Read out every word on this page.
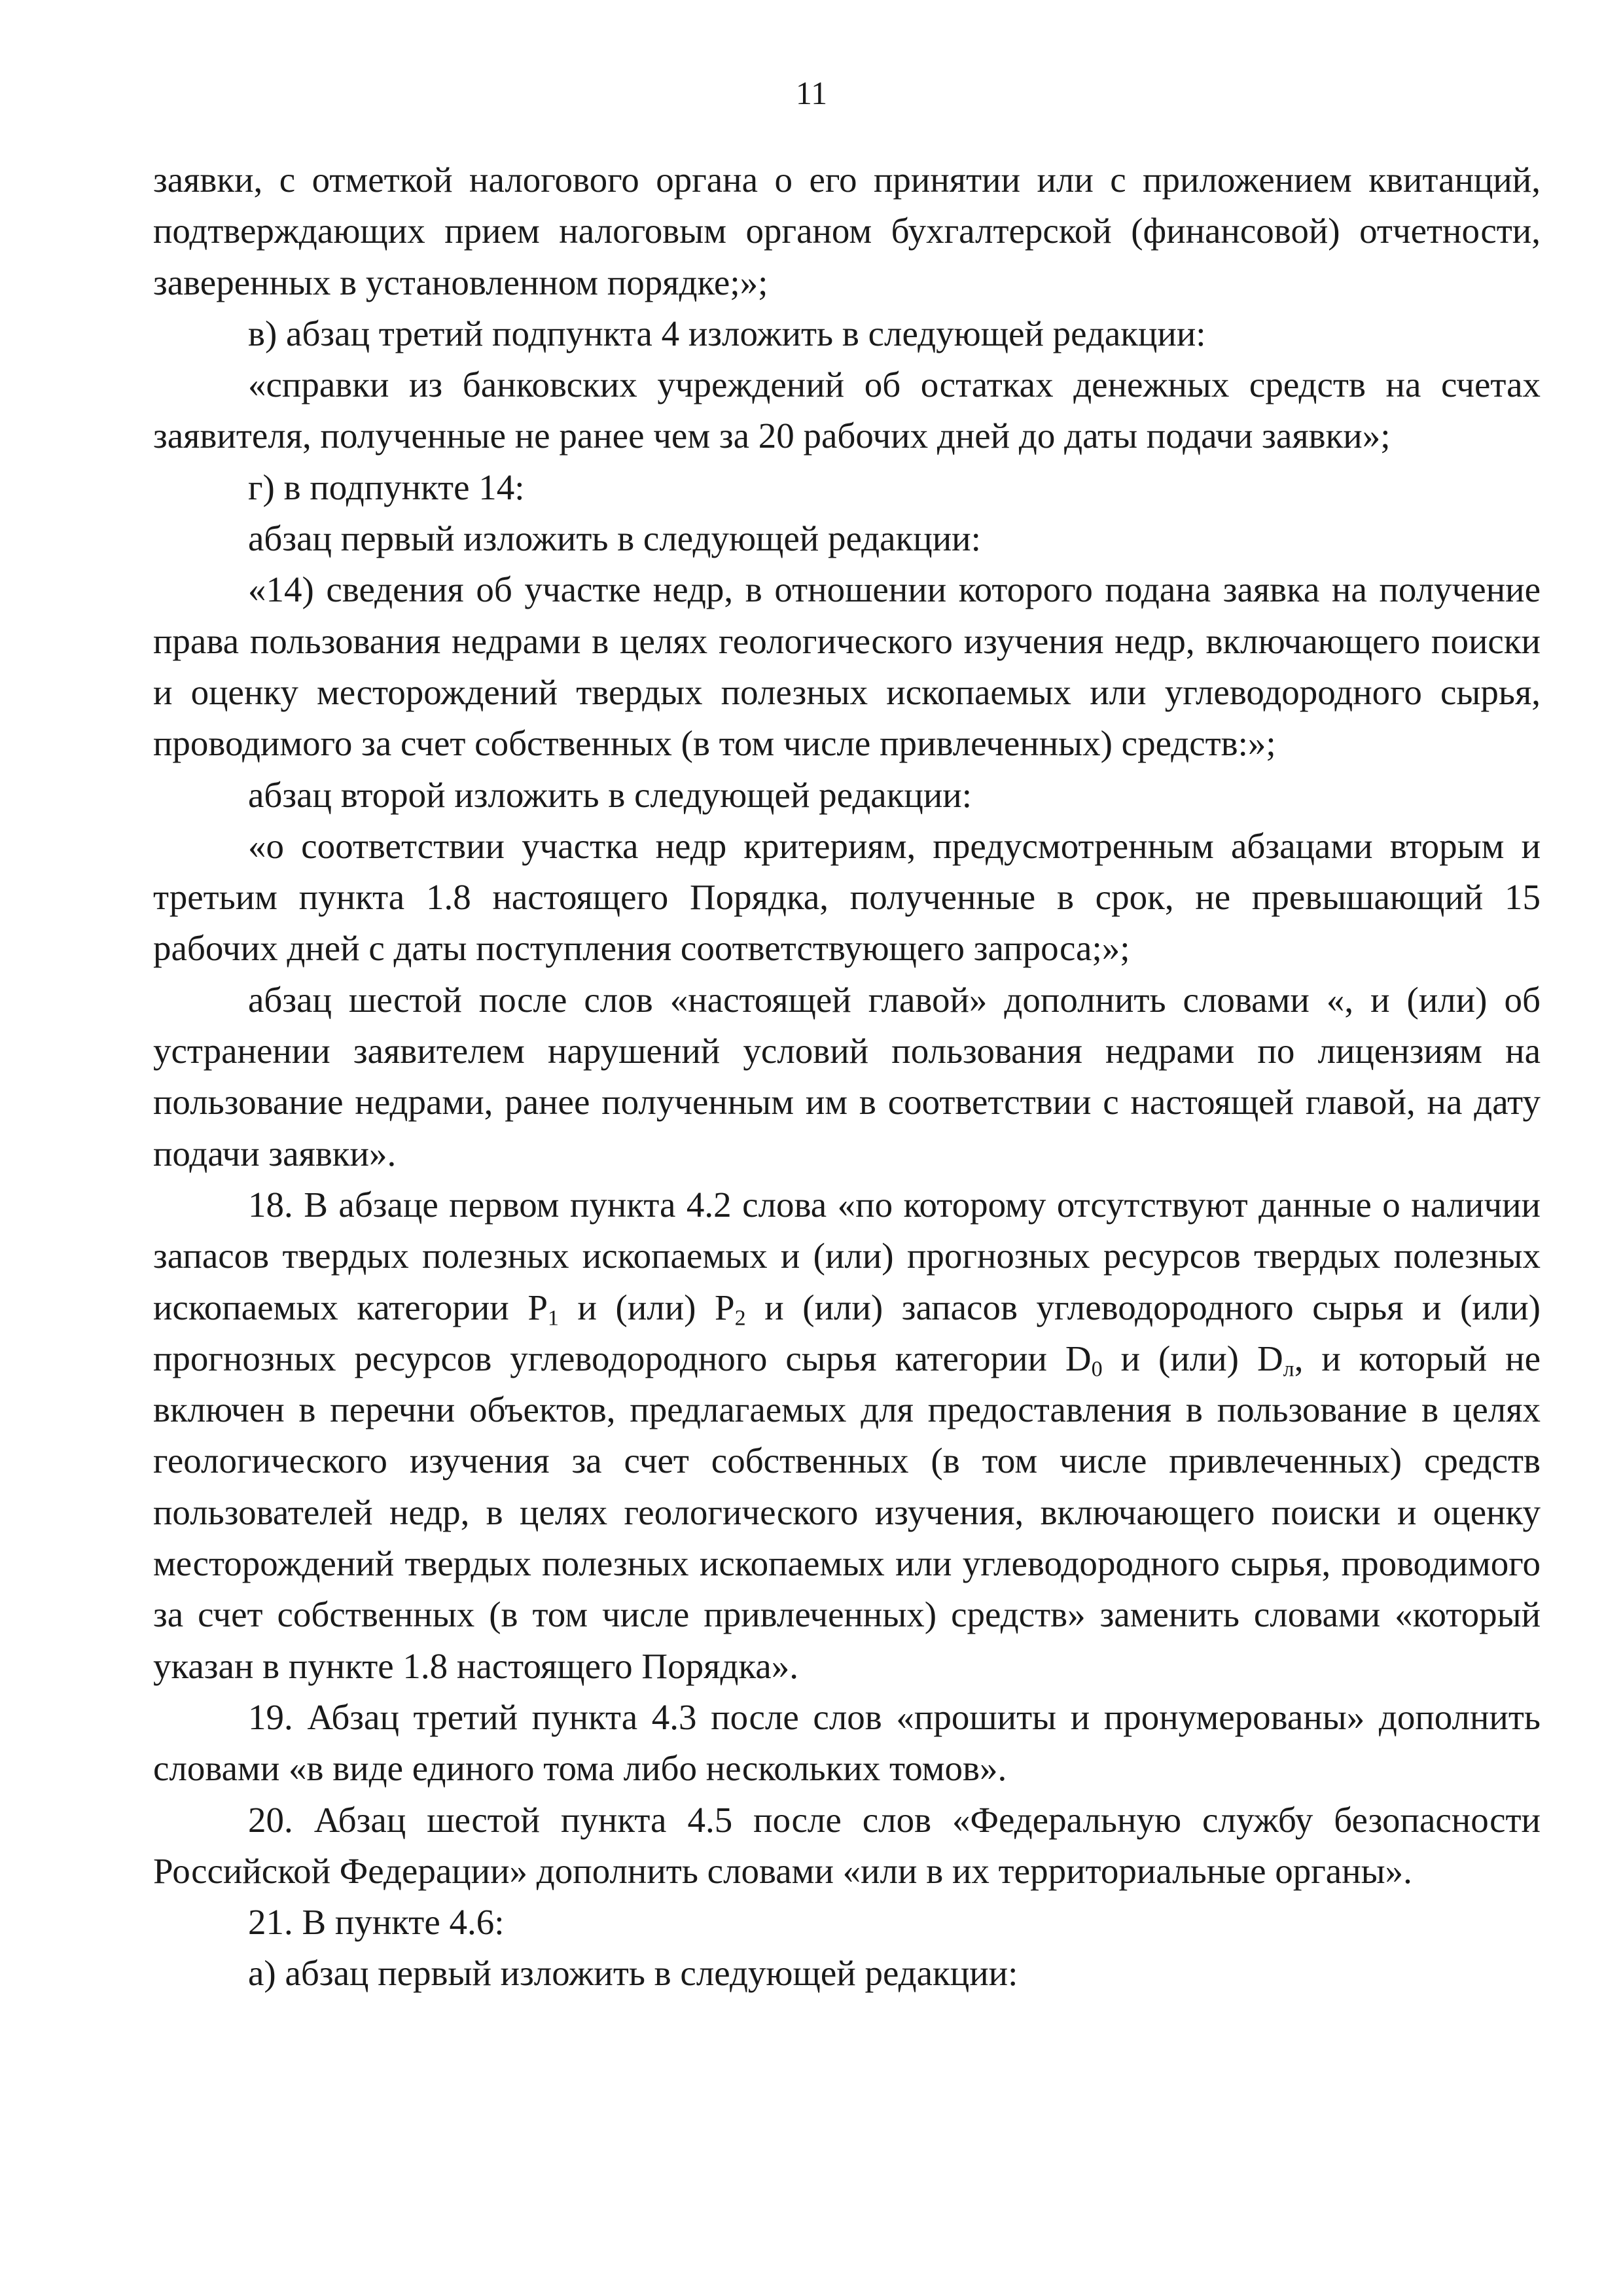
11

заявки, с отметкой налогового органа о его принятии или с приложением квитанций, подтверждающих прием налоговым органом бухгалтерской (финансовой) отчетности, заверенных в установленном порядке;»;

в) абзац третий подпункта 4 изложить в следующей редакции:

«справки из банковских учреждений об остатках денежных средств на счетах заявителя, полученные не ранее чем за 20 рабочих дней до даты подачи заявки»;

г) в подпункте 14:

абзац первый изложить в следующей редакции:

«14) сведения об участке недр, в отношении которого подана заявка на получение права пользования недрами в целях геологического изучения недр, включающего поиски и оценку месторождений твердых полезных ископаемых или углеводородного сырья, проводимого за счет собственных (в том числе привлеченных) средств:»;

абзац второй изложить в следующей редакции:

«о соответствии участка недр критериям, предусмотренным абзацами вторым и третьим пункта 1.8 настоящего Порядка, полученные в срок, не превышающий 15 рабочих дней с даты поступления соответствующего запроса;»;

абзац шестой после слов «настоящей главой» дополнить словами «, и (или) об устранении заявителем нарушений условий пользования недрами по лицензиям на пользование недрами, ранее полученным им в соответствии с настоящей главой, на дату подачи заявки».

18. В абзаце первом пункта 4.2 слова «по которому отсутствуют данные о наличии запасов твердых полезных ископаемых и (или) прогнозных ресурсов твердых полезных ископаемых категории $Р_1$ и (или) $Р_2$ и (или) запасов углеводородного сырья и (или) прогнозных ресурсов углеводородного сырья категории $D_0$ и (или) $D_л$, и который не включен в перечни объектов, предлагаемых для предоставления в пользование в целях геологического изучения за счет собственных (в том числе привлеченных) средств пользователей недр, в целях геологического изучения, включающего поиски и оценку месторождений твердых полезных ископаемых или углеводородного сырья, проводимого за счет собственных (в том числе привлеченных) средств» заменить словами «который указан в пункте 1.8 настоящего Порядка».

19. Абзац третий пункта 4.3 после слов «прошиты и пронумерованы» дополнить словами «в виде единого тома либо нескольких томов».

20. Абзац шестой пункта 4.5 после слов «Федеральную службу безопасности Российской Федерации» дополнить словами «или в их территориальные органы».

21. В пункте 4.6:

а) абзац первый изложить в следующей редакции:
